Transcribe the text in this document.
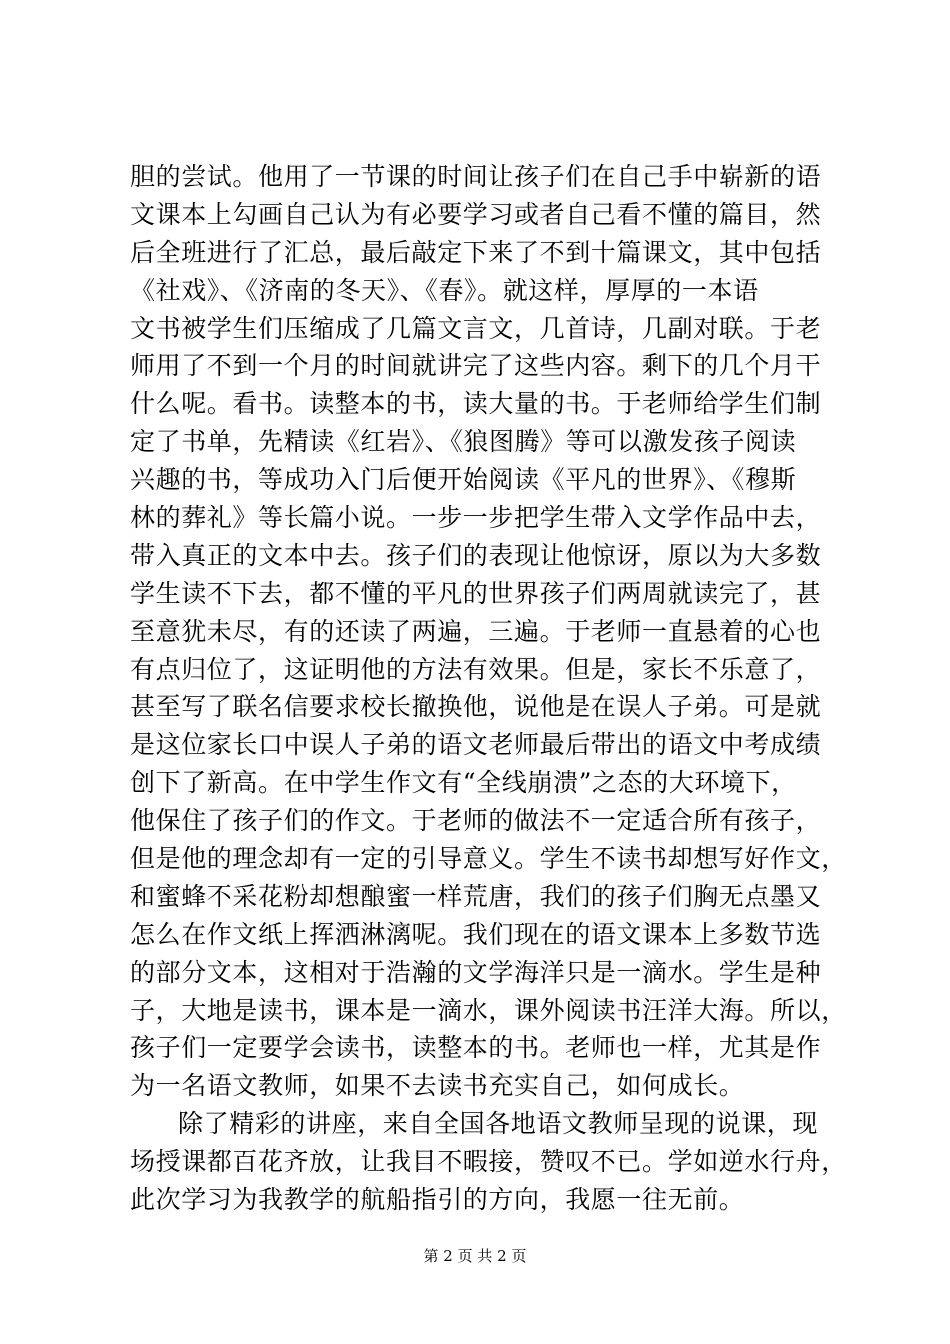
胆的尝试。他用了一节课的时间让孩子们在自己手中崭新的语
文课本上勾画自己认为有必要学习或者自己看不懂的篇目，然
后全班进行了汇总，最后敲定下来了不到十篇课文，其中包括
《社戏》、《济南的冬天》、《春》。就这样，厚厚的一本语
文书被学生们压缩成了几篇文言文，几首诗，几副对联。于老
师用了不到一个月的时间就讲完了这些内容。剩下的几个月干
什么呢。看书。读整本的书，读大量的书。于老师给学生们制
定了书单，先精读《红岩》、《狼图腾》等可以激发孩子阅读
兴趣的书，等成功入门后便开始阅读《平凡的世界》、《穆斯
林的葬礼》等长篇小说。一步一步把学生带入文学作品中去，
带入真正的文本中去。孩子们的表现让他惊讶，原以为大多数
学生读不下去，都不懂的平凡的世界孩子们两周就读完了，甚
至意犹未尽，有的还读了两遍，三遍。于老师一直悬着的心也
有点归位了，这证明他的方法有效果。但是，家长不乐意了，
甚至写了联名信要求校长撤换他，说他是在误人子弟。可是就
是这位家长口中误人子弟的语文老师最后带出的语文中考成绩
创下了新高。在中学生作文有“全线崩溃”之态的大环境下，
他保住了孩子们的作文。于老师的做法不一定适合所有孩子，
但是他的理念却有一定的引导意义。学生不读书却想写好作文，
和蜜蜂不采花粉却想酿蜜一样荒唐，我们的孩子们胸无点墨又
怎么在作文纸上挥洒淋漓呢。我们现在的语文课本上多数节选
的部分文本，这相对于浩瀚的文学海洋只是一滴水。学生是种
子，大地是读书，课本是一滴水，课外阅读书汪洋大海。所以，
孩子们一定要学会读书，读整本的书。老师也一样，尤其是作
为一名语文教师，如果不去读书充实自己，如何成长。
除了精彩的讲座，来自全国各地语文教师呈现的说课，现
场授课都百花齐放，让我目不暇接，赞叹不已。学如逆水行舟，
此次学习为我教学的航船指引的方向，我愿一往无前。
第 2 页 共 2 页
